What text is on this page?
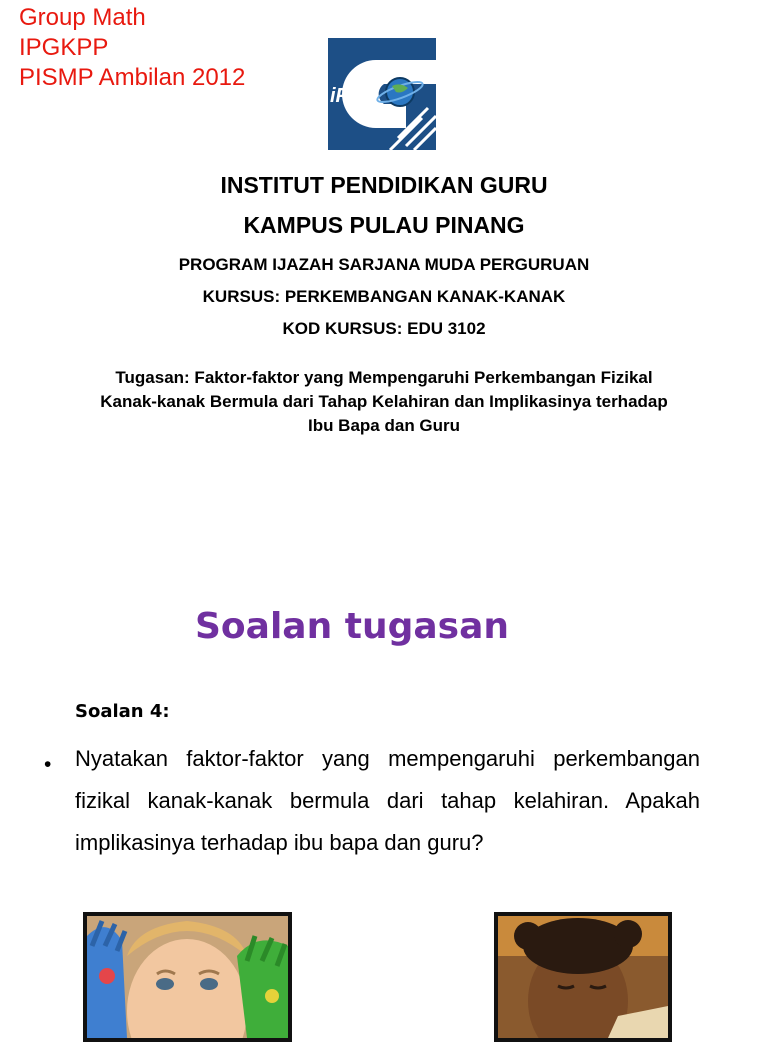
Group Math
IPGKPP
PISMP Ambilan 2012
iPG
INSTITUT PENDIDIKAN GURU
KAMPUS PULAU PINANG
PROGRAM IJAZAH SARJANA MUDA PERGURUAN
KURSUS: PERKEMBANGAN KANAK-KANAK
KOD KURSUS: EDU 3102
Tugasan: Faktor-faktor yang Mempengaruhi Perkembangan Fizikal
Kanak-kanak Bermula dari Tahap Kelahiran dan Implikasinya terhadap
Ibu Bapa dan Guru
Soalan tugasan
Soalan 4:
• Nyatakan faktor-faktor yang mempengaruhi perkembangan fizikal kanak-kanak bermula dari tahap kelahiran. Apakah implikasinya terhadap ibu bapa dan guru?
